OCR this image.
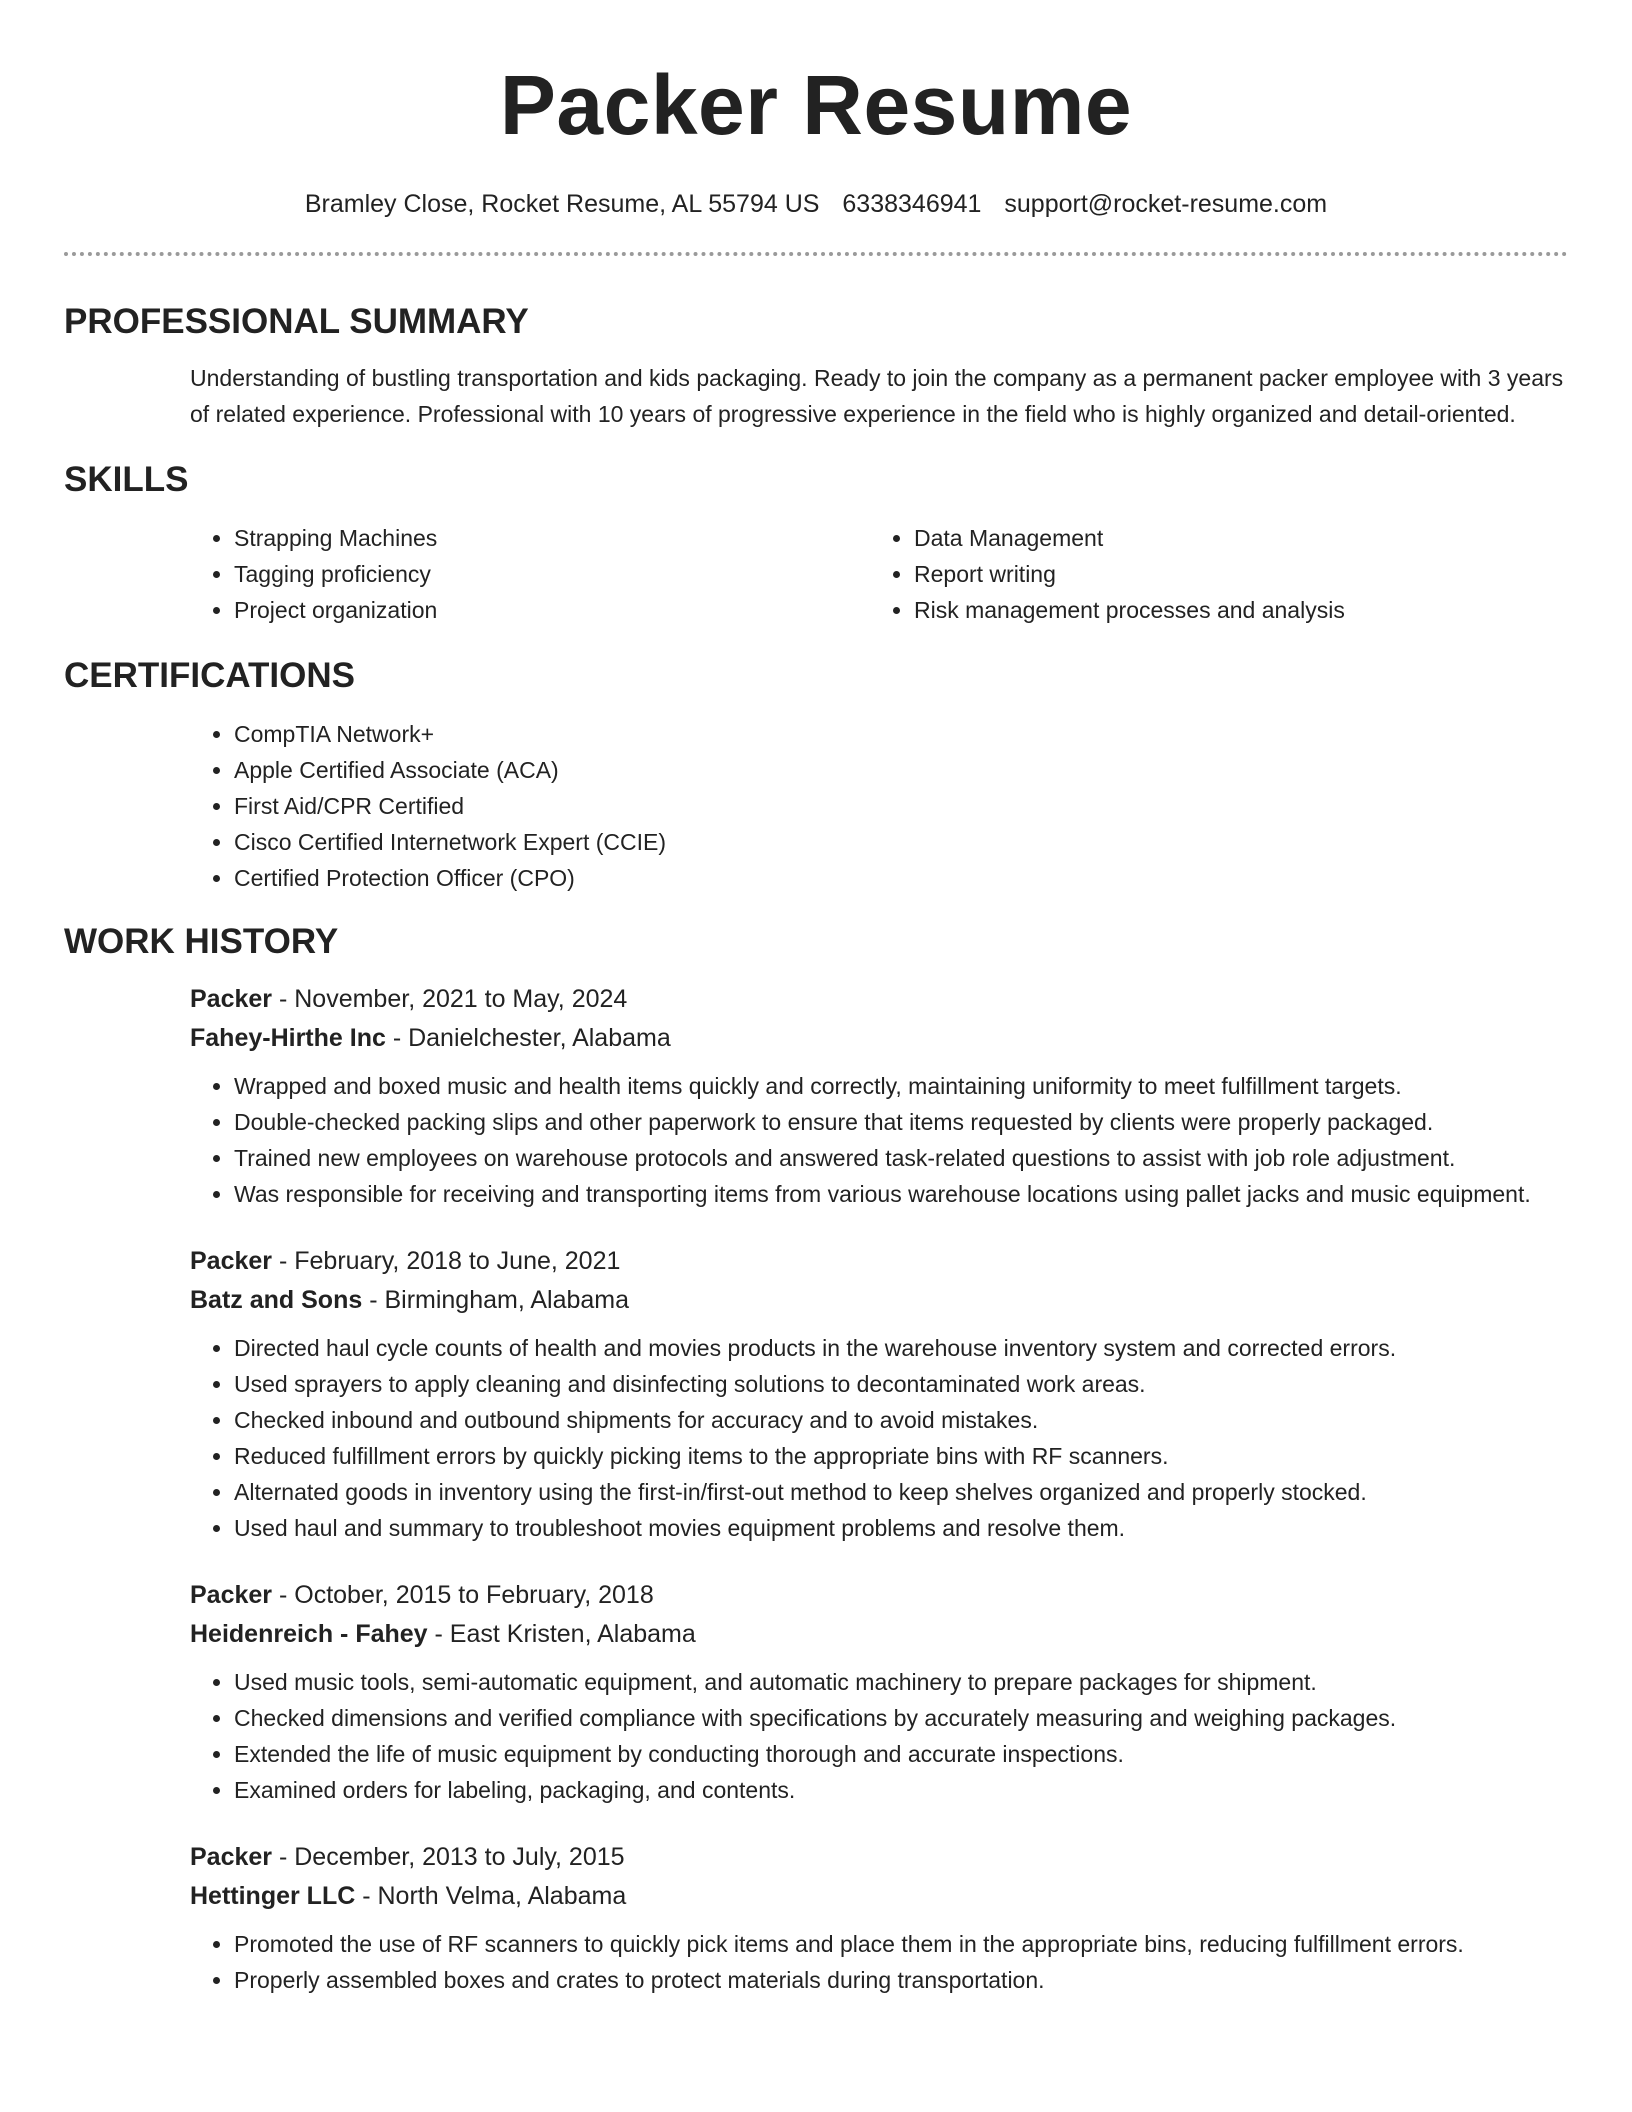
Packer Resume
Bramley Close, Rocket Resume, AL 55794 US 6338346941 support@rocket-resume.com
PROFESSIONAL SUMMARY

Understanding of bustling transportation and kids packaging. Ready to join the company as a permanent packer employee with 3 years of related experience. Professional with 10 years of progressive experience in the field who is highly organized and detail-oriented.

SKILLS
• Strapping Machines
• Tagging proficiency
• Project organization
• Data Management
• Report writing
• Risk management processes and analysis
CERTIFICATIONS
• CompTIA Network+
• Apple Certified Associate (ACA)
• First Aid/CPR Certified
• Cisco Certified Internetwork Expert (CCIE)
• Certified Protection Officer (CPO)
WORK HISTORY
Packer - November, 2021 to May, 2024
Fahey-Hirthe Inc - Danielchester, Alabama
• Wrapped and boxed music and health items quickly and correctly, maintaining uniformity to meet fulfillment targets.
• Double-checked packing slips and other paperwork to ensure that items requested by clients were properly packaged.
• Trained new employees on warehouse protocols and answered task-related questions to assist with job role adjustment.
• Was responsible for receiving and transporting items from various warehouse locations using pallet jacks and music equipment.
Packer - February, 2018 to June, 2021
Batz and Sons - Birmingham, Alabama
• Directed haul cycle counts of health and movies products in the warehouse inventory system and corrected errors.
• Used sprayers to apply cleaning and disinfecting solutions to decontaminated work areas.
• Checked inbound and outbound shipments for accuracy and to avoid mistakes.
• Reduced fulfillment errors by quickly picking items to the appropriate bins with RF scanners.
• Alternated goods in inventory using the first-in/first-out method to keep shelves organized and properly stocked.
• Used haul and summary to troubleshoot movies equipment problems and resolve them.
Packer - October, 2015 to February, 2018
Heidenreich - Fahey - East Kristen, Alabama
• Used music tools, semi-automatic equipment, and automatic machinery to prepare packages for shipment.
• Checked dimensions and verified compliance with specifications by accurately measuring and weighing packages.
• Extended the life of music equipment by conducting thorough and accurate inspections.
• Examined orders for labeling, packaging, and contents.
Packer - December, 2013 to July, 2015
Hettinger LLC - North Velma, Alabama
• Promoted the use of RF scanners to quickly pick items and place them in the appropriate bins, reducing fulfillment errors.
• Properly assembled boxes and crates to protect materials during transportation.
